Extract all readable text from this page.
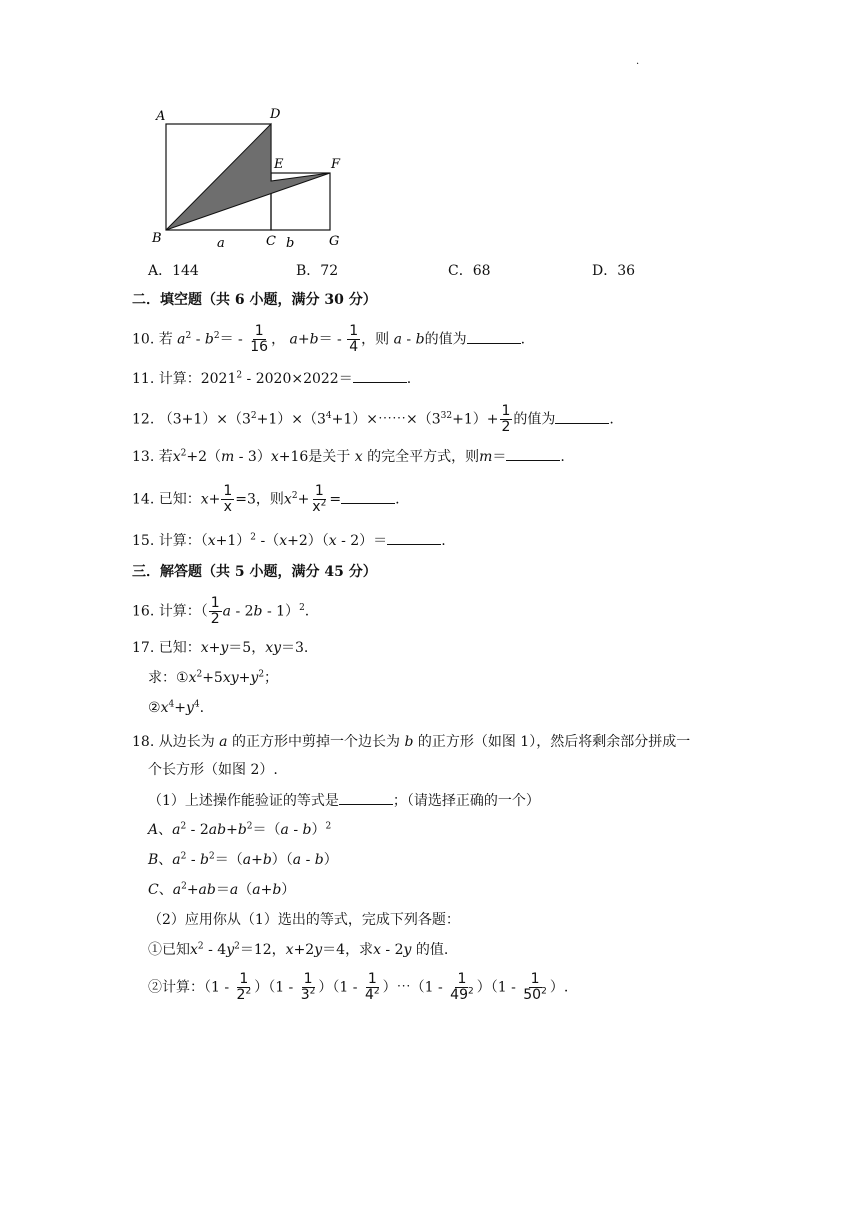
.
A	D
E	F
B	a	C b	G
A．144	B．72	C．68	D．36
二．填空题（共 6 小题，满分 30 分）
10. 若 $a^2 - b^2= - \frac{1}{16}$ ， $a+b= - \frac{1}{4}$ ，则 a - b的值为	.
11. 计算：2021$^2$ - 2020×2022＝	.
12. $(3+1)\times(3^2+1)\times(3^4+1)\times\cdots\cdots\times(3^{32}+1)+ \frac{1}{2}$ 的值为	.
13. 若$x^2+2(m - 3)x+16$是关于 x 的完全平方式，则m＝	.
14. 已知：$x+ \frac{1}{x} =3$，则$x^2+ \frac{1}{x^2}$ =	.
15. 计算：$(x+1)^2$ -（x+2）（x - 2）＝	.
三．解答题（共 5 小题，满分 45 分）
16. 计算：（ $\frac{1}{2}$ a - 2b - 1）$^2$.
17. 已知：x+y＝5，xy＝3.
求：$①x^2+5xy+y^2$；
$②x^4+y^4$.
18. 从边长为 a 的正方形中剪掉一个边长为 b 的正方形（如图 1），然后将剩余部分拼成一
个长方形（如图 2）.
（1）上述操作能验证的等式是	；（请选择正确的一个）
A、$a^2 - 2ab+b^2=(a - b)^2$
B、$a^2 - b^2=(a+b)(a - b)$
C、$a^2+ab=a(a+b)$
（2）应用你从（1）选出的等式，完成下列各题：
①已知$x^2 - 4y^2=12$，x+2y＝4，求x - 2y 的值.
②计算：$(1 - \frac{1}{2^2} )(1 - \frac{1}{3^2} )(1 - \frac{1}{4^2}$ ）⋯（1 - $\frac{1}{49^2} )(1 - \frac{1}{50^2}$ ）.
